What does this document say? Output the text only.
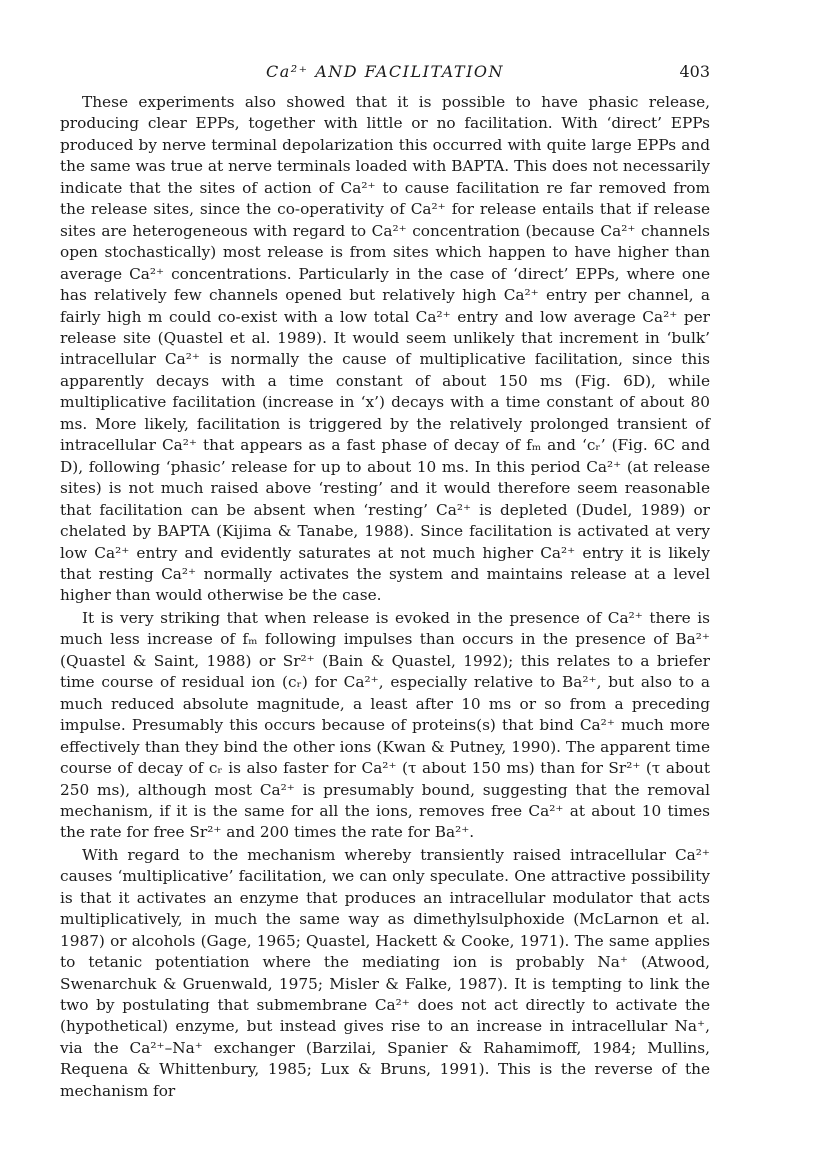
Ca²⁺ AND FACILITATION	403

These experiments also showed that it is possible to have phasic release, producing clear EPPs, together with little or no facilitation. With ‘direct’ EPPs produced by nerve terminal depolarization this occurred with quite large EPPs and the same was true at nerve terminals loaded with BAPTA. This does not necessarily indicate that the sites of action of Ca²⁺ to cause facilitation re far removed from the release sites, since the co-operativity of Ca²⁺ for release entails that if release sites are heterogeneous with regard to Ca²⁺ concentration (because Ca²⁺ channels open stochastically) most release is from sites which happen to have higher than average Ca²⁺ concentrations. Particularly in the case of ‘direct’ EPPs, where one has relatively few channels opened but relatively high Ca²⁺ entry per channel, a fairly high m could co-exist with a low total Ca²⁺ entry and low average Ca²⁺ per release site (Quastel et al. 1989). It would seem unlikely that increment in ‘bulk’ intracellular Ca²⁺ is normally the cause of multiplicative facilitation, since this apparently decays with a time constant of about 150 ms (Fig. 6D), while multiplicative facilitation (increase in ‘x’) decays with a time constant of about 80 ms. More likely, facilitation is triggered by the relatively prolonged transient of intracellular Ca²⁺ that appears as a fast phase of decay of fₘ and ‘cᵣ’ (Fig. 6C and D), following ‘phasic’ release for up to about 10 ms. In this period Ca²⁺ (at release sites) is not much raised above ‘resting’ and it would therefore seem reasonable that facilitation can be absent when ‘resting’ Ca²⁺ is depleted (Dudel, 1989) or chelated by BAPTA (Kijima & Tanabe, 1988). Since facilitation is activated at very low Ca²⁺ entry and evidently saturates at not much higher Ca²⁺ entry it is likely that resting Ca²⁺ normally activates the system and maintains release at a level higher than would otherwise be the case.

It is very striking that when release is evoked in the presence of Ca²⁺ there is much less increase of fₘ following impulses than occurs in the presence of Ba²⁺ (Quastel & Saint, 1988) or Sr²⁺ (Bain & Quastel, 1992); this relates to a briefer time course of residual ion (cᵣ) for Ca²⁺, especially relative to Ba²⁺, but also to a much reduced absolute magnitude, a least after 10 ms or so from a preceding impulse. Presumably this occurs because of proteins(s) that bind Ca²⁺ much more effectively than they bind the other ions (Kwan & Putney, 1990). The apparent time course of decay of cᵣ is also faster for Ca²⁺ (τ about 150 ms) than for Sr²⁺ (τ about 250 ms), although most Ca²⁺ is presumably bound, suggesting that the removal mechanism, if it is the same for all the ions, removes free Ca²⁺ at about 10 times the rate for free Sr²⁺ and 200 times the rate for Ba²⁺.

With regard to the mechanism whereby transiently raised intracellular Ca²⁺ causes ‘multiplicative’ facilitation, we can only speculate. One attractive possibility is that it activates an enzyme that produces an intracellular modulator that acts multiplicatively, in much the same way as dimethylsulphoxide (McLarnon et al. 1987) or alcohols (Gage, 1965; Quastel, Hackett & Cooke, 1971). The same applies to tetanic potentiation where the mediating ion is probably Na⁺ (Atwood, Swenarchuk & Gruenwald, 1975; Misler & Falke, 1987). It is tempting to link the two by postulating that submembrane Ca²⁺ does not act directly to activate the (hypothetical) enzyme, but instead gives rise to an increase in intracellular Na⁺, via the Ca²⁺–Na⁺ exchanger (Barzilai, Spanier & Rahamimoff, 1984; Mullins, Requena & Whittenbury, 1985; Lux & Bruns, 1991). This is the reverse of the mechanism for
